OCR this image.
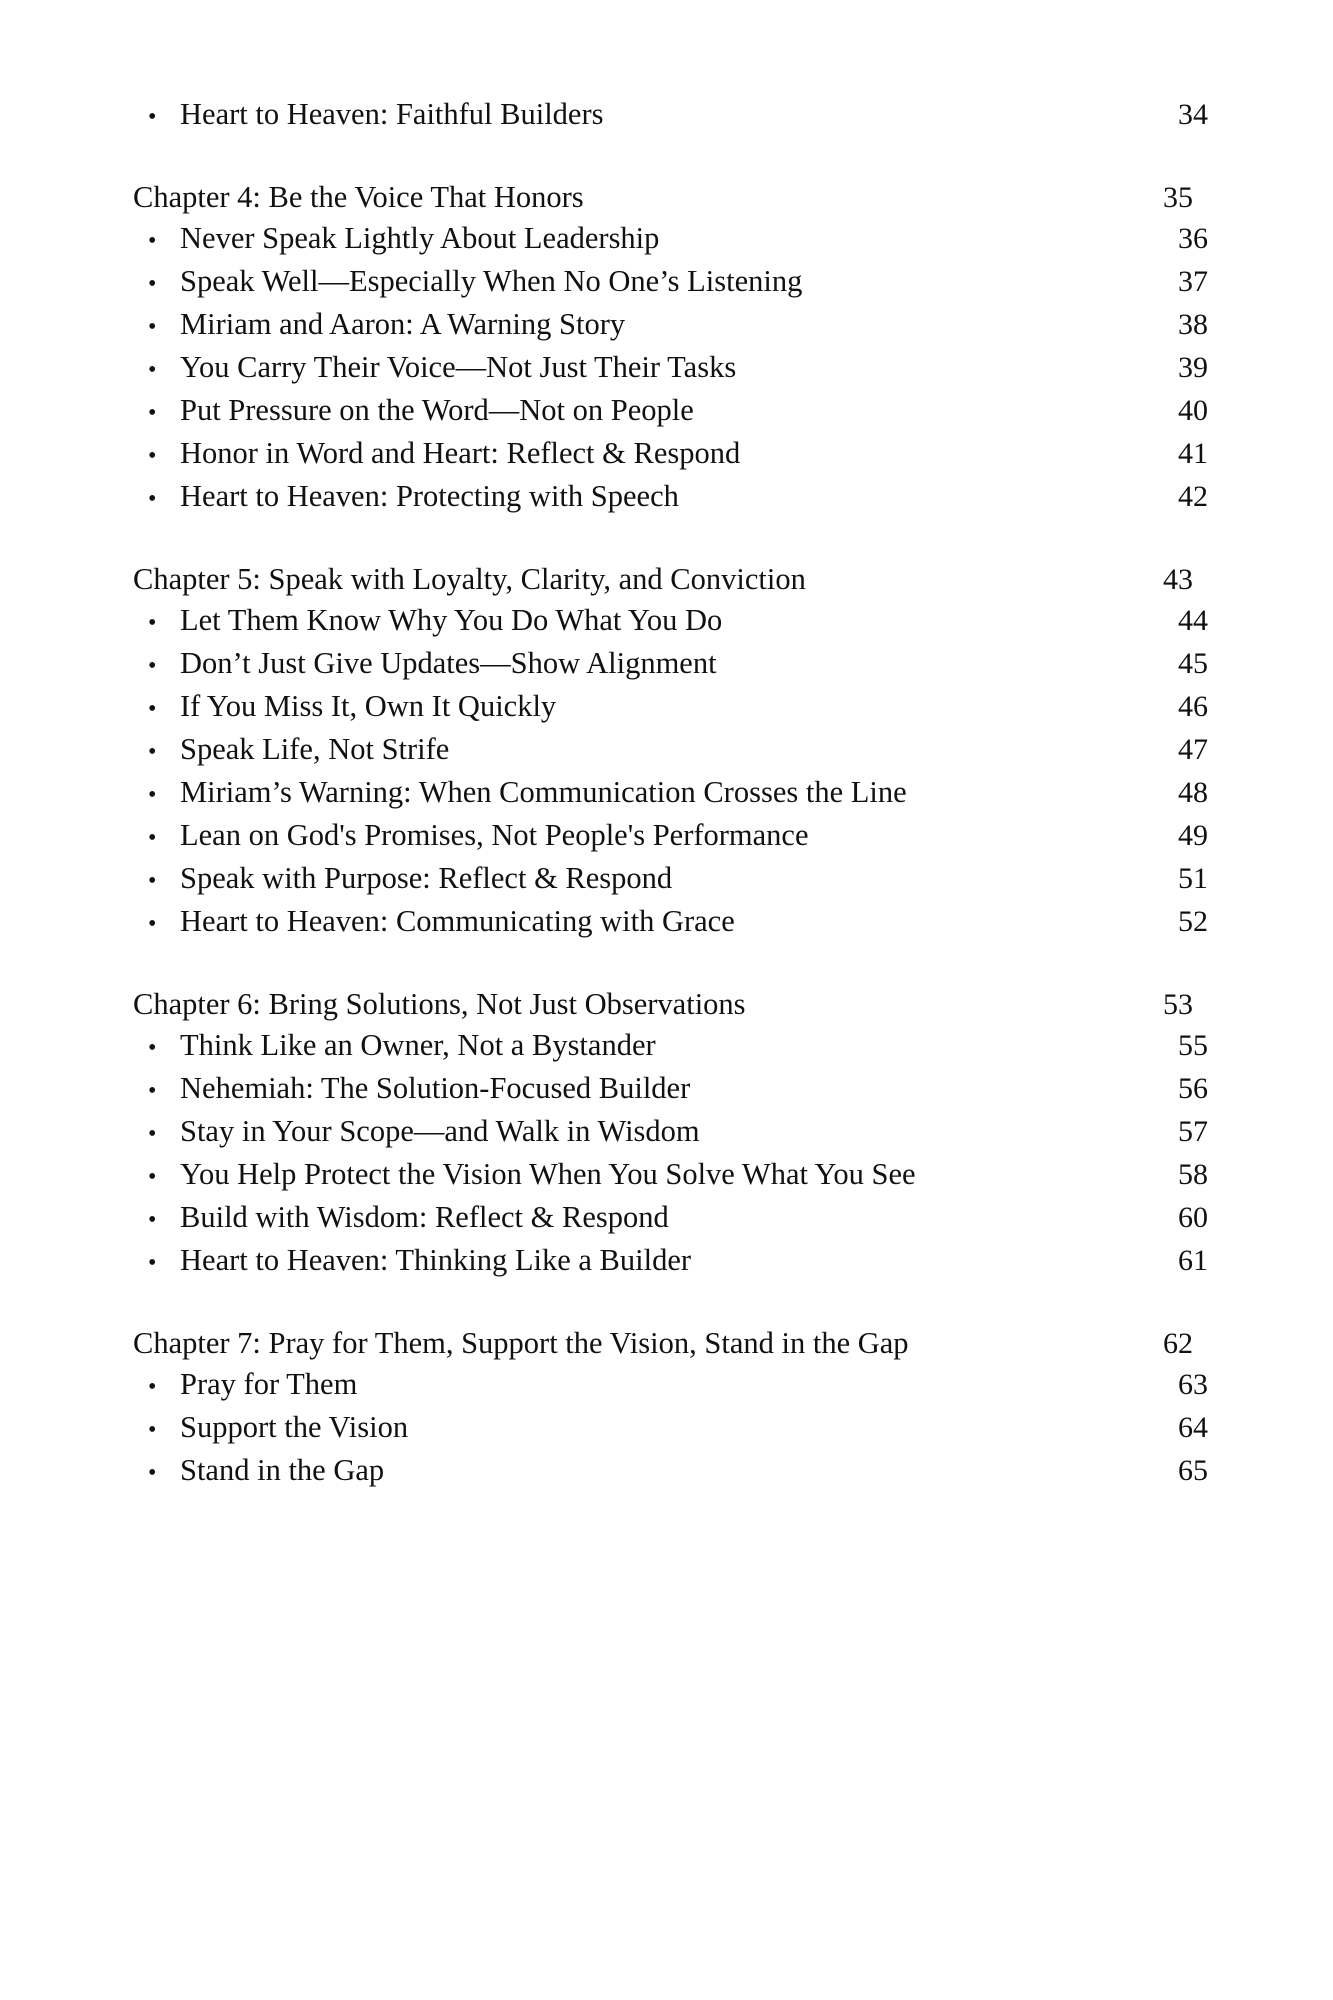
• Heart to Heaven: Faithful Builders	34
Chapter 4: Be the Voice That Honors	35
• Never Speak Lightly About Leadership	36
• Speak Well—Especially When No One’s Listening	37
• Miriam and Aaron: A Warning Story	38
• You Carry Their Voice—Not Just Their Tasks	39
• Put Pressure on the Word—Not on People	40
• Honor in Word and Heart: Reflect & Respond	41
• Heart to Heaven: Protecting with Speech	42
Chapter 5: Speak with Loyalty, Clarity, and Conviction	43
• Let Them Know Why You Do What You Do	44
• Don’t Just Give Updates—Show Alignment	45
• If You Miss It, Own It Quickly	46
• Speak Life, Not Strife	47
• Miriam’s Warning: When Communication Crosses the Line	48
• Lean on God's Promises, Not People's Performance	49
• Speak with Purpose: Reflect & Respond	51
• Heart to Heaven: Communicating with Grace	52
Chapter 6: Bring Solutions, Not Just Observations	53
• Think Like an Owner, Not a Bystander	55
• Nehemiah: The Solution-Focused Builder	56
• Stay in Your Scope—and Walk in Wisdom	57
• You Help Protect the Vision When You Solve What You See	58
• Build with Wisdom: Reflect & Respond	60
• Heart to Heaven: Thinking Like a Builder	61
Chapter 7: Pray for Them, Support the Vision, Stand in the Gap	62
• Pray for Them	63
• Support the Vision	64
• Stand in the Gap	65
